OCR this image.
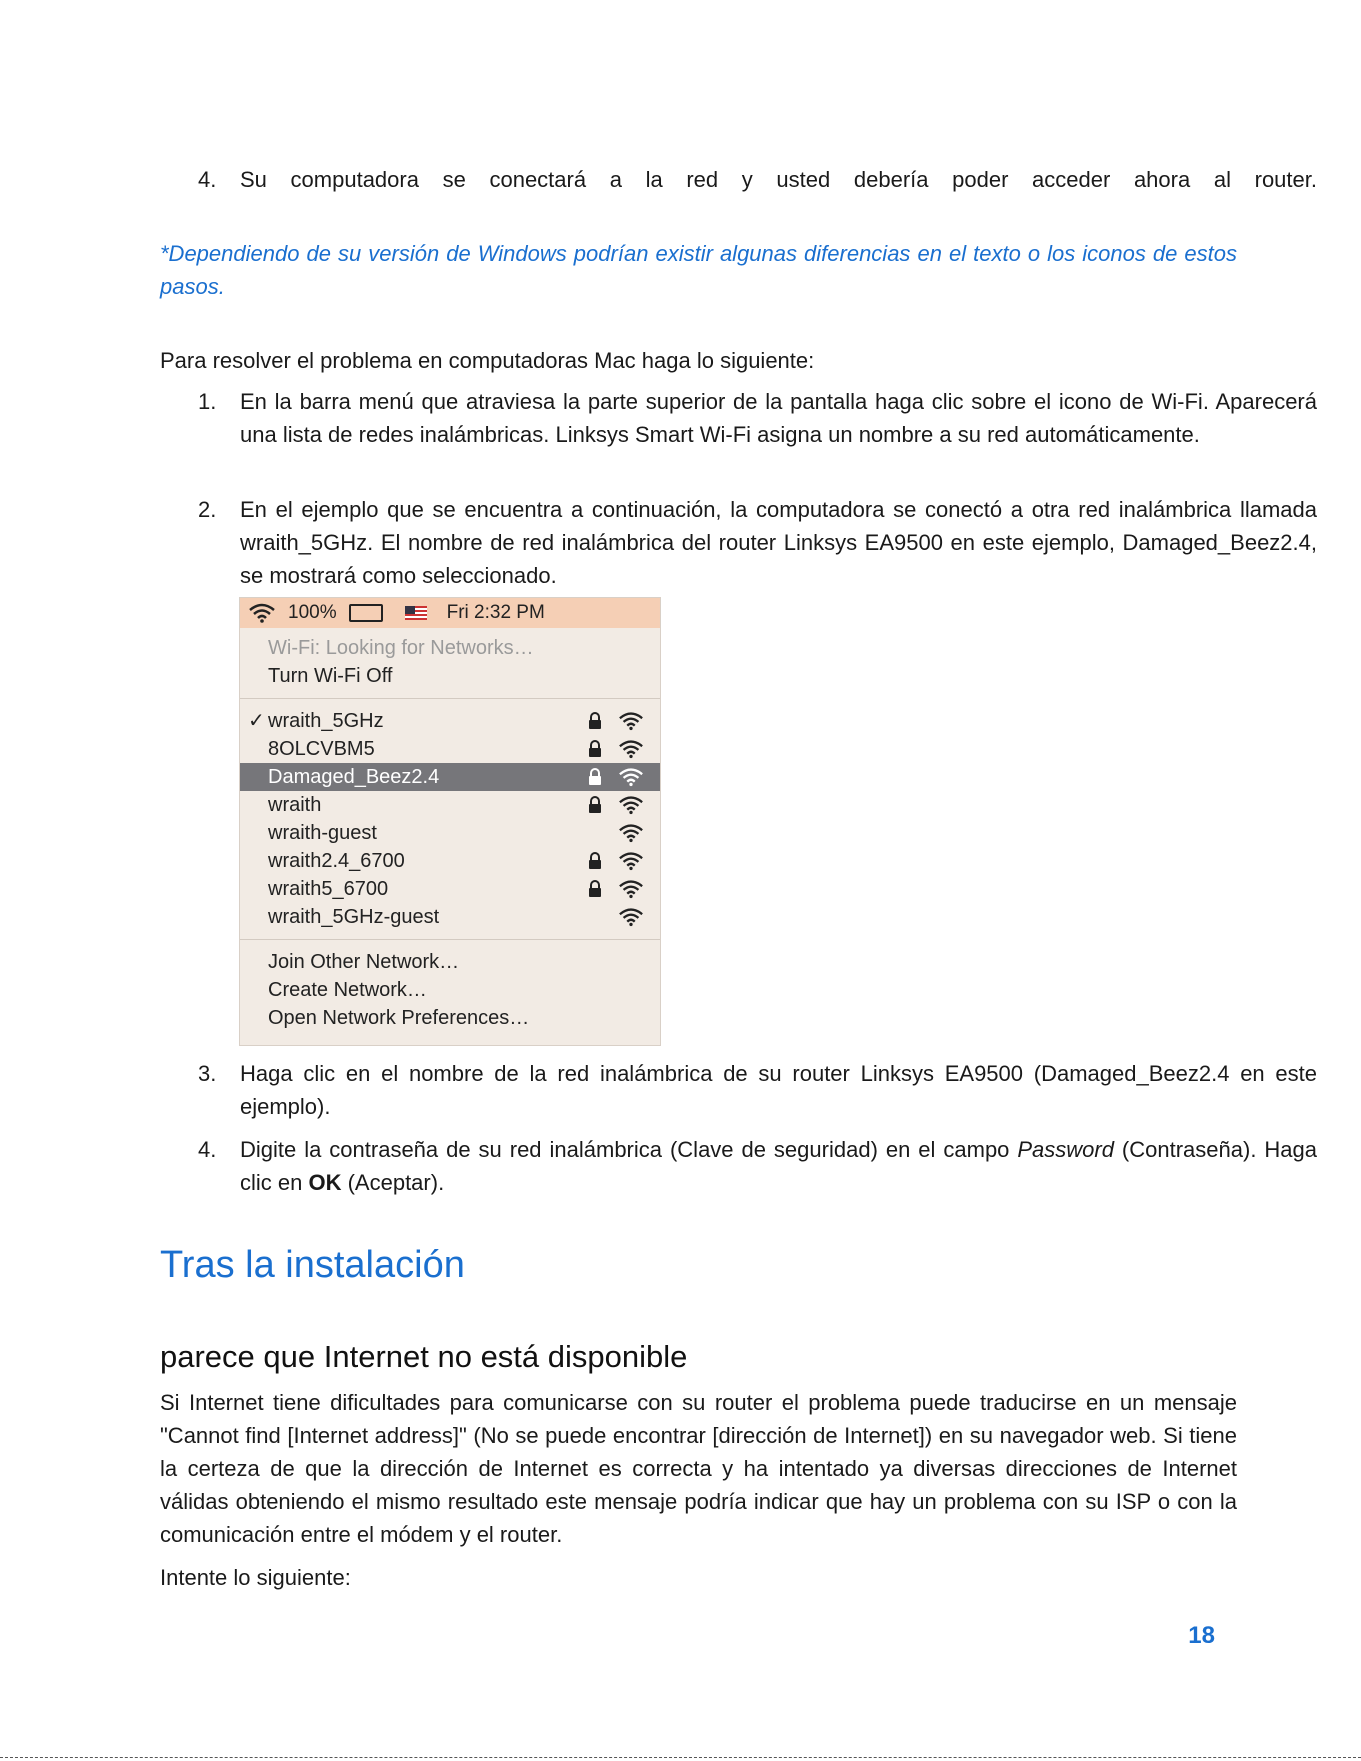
4. Su computadora se conectará a la red y usted debería poder acceder ahora al router.
*Dependiendo de su versión de Windows podrían existir algunas diferencias en el texto o los iconos de estos pasos.
Para resolver el problema en computadoras Mac haga lo siguiente:
1. En la barra menú que atraviesa la parte superior de la pantalla haga clic sobre el icono de Wi-Fi. Aparecerá una lista de redes inalámbricas. Linksys Smart Wi-Fi asigna un nombre a su red automáticamente.
2. En el ejemplo que se encuentra a continuación, la computadora se conectó a otra red inalámbrica llamada wraith_5GHz. El nombre de red inalámbrica del router Linksys EA9500 en este ejemplo, Damaged_Beez2.4, se mostrará como seleccionado.
3. Haga clic en el nombre de la red inalámbrica de su router Linksys EA9500 (Damaged_Beez2.4 en este ejemplo).
4. Digite la contraseña de su red inalámbrica (Clave de seguridad) en el campo Password (Contraseña). Haga clic en OK (Aceptar).
Tras la instalación
parece que Internet no está disponible
Si Internet tiene dificultades para comunicarse con su router el problema puede traducirse en un mensaje "Cannot find [Internet address]" (No se puede encontrar [dirección de Internet]) en su navegador web. Si tiene la certeza de que la dirección de Internet es correcta y ha intentado ya diversas direcciones de Internet válidas obteniendo el mismo resultado este mensaje podría indicar que hay un problema con su ISP o con la comunicación entre el módem y el router.
Intente lo siguiente:
100%	Fri 2:32 PM
Wi-Fi: Looking for Networks…
Turn Wi-Fi Off
✓ wraith_5GHz
8OLCVBM5
Damaged_Beez2.4
wraith
wraith-guest
wraith2.4_6700
wraith5_6700
wraith_5GHz-guest
Join Other Network…
Create Network…
Open Network Preferences…
18
